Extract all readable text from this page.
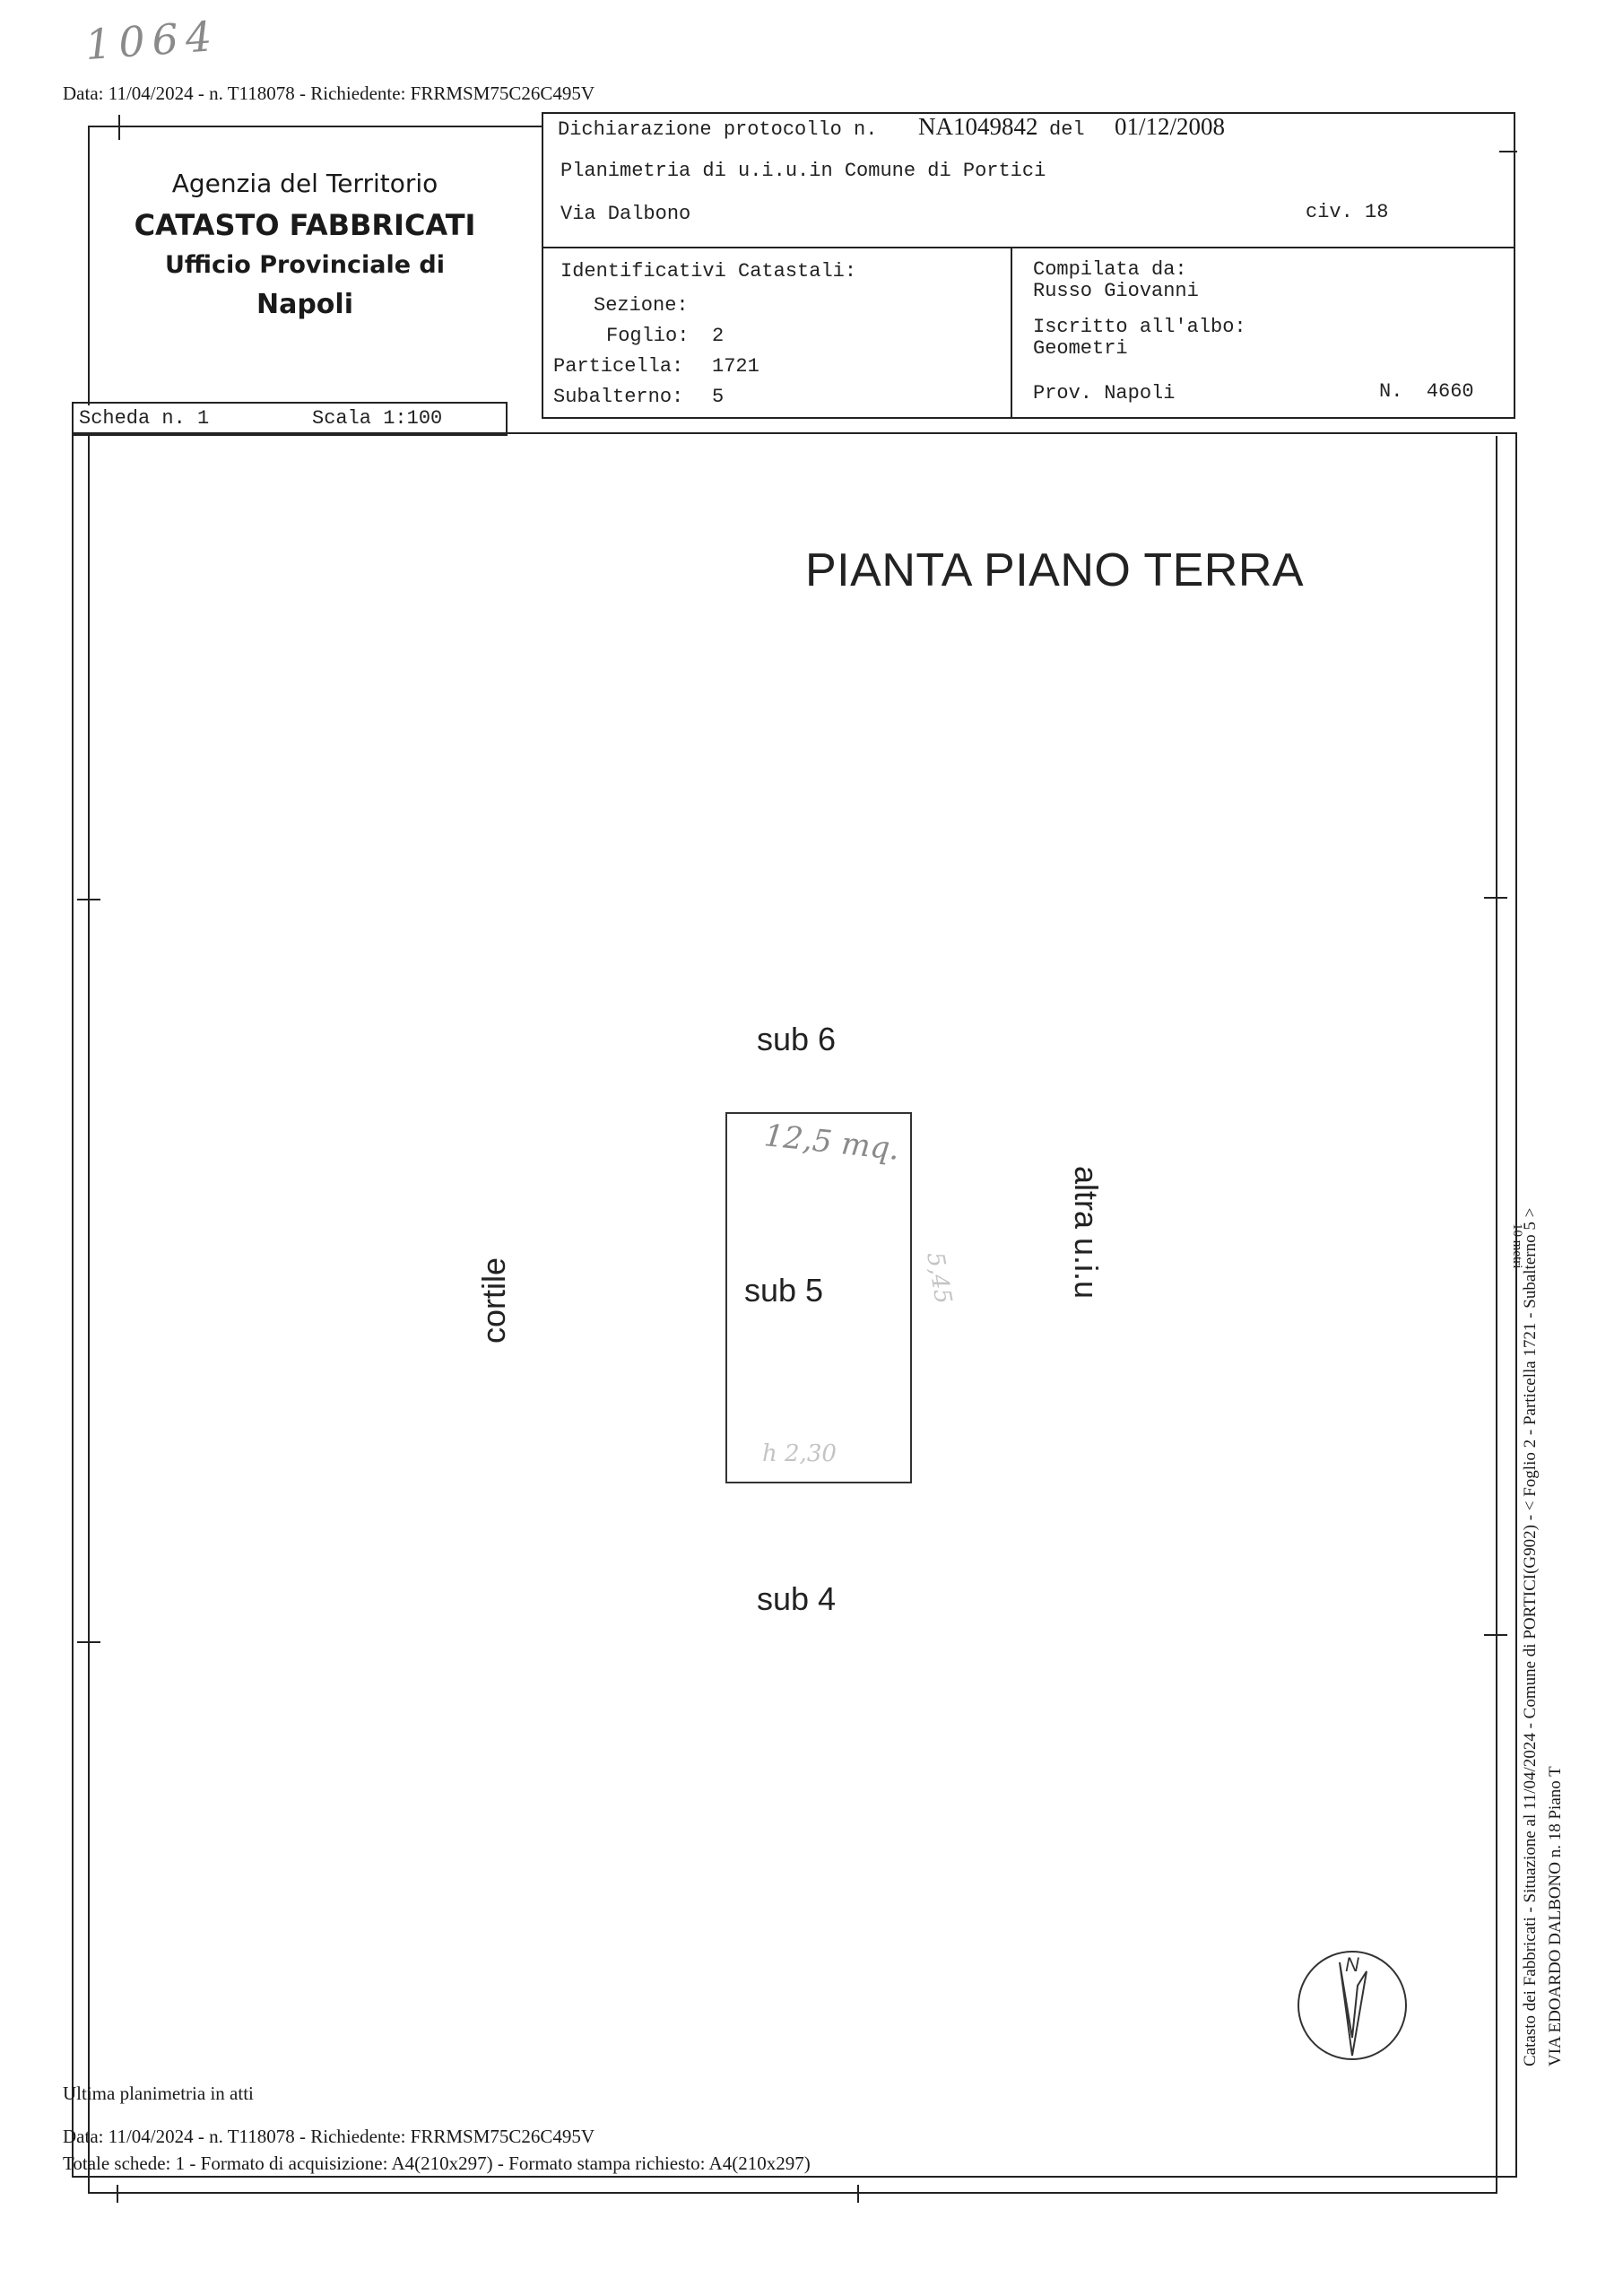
1064
Data: 11/04/2024 - n. T118078 - Richiedente: FRRMSM75C26C495V
Agenzia del Territorio
CATASTO FABBRICATI
Ufficio Provinciale di
Napoli
Dichiarazione protocollo n. NA1049842 del 01/12/2008
Planimetria di u.i.u.in Comune di Portici
Via Dalbono	civ. 18
Identificativi Catastali:
Sezione:
Foglio: 2
Particella: 1721
Subalterno: 5
Compilata da:
Russo Giovanni
Iscritto all'albo:
Geometri
Prov. Napoli	N.  4660
Scheda n. 1	Scala 1:100
PIANTA PIANO TERRA
sub 6
sub 4
sub 5
12,5 mq.
h 2,30
5,45
cortile
altra u.i.u
N
10 metri
Catasto dei Fabbricati - Situazione al 11/04/2024 - Comune di PORTICI(G902) - < Foglio 2 - Particella 1721 - Subalterno 5 > VIA EDOARDO DALBONO n. 18 Piano T
Ultima planimetria in atti
Data: 11/04/2024 - n. T118078 - Richiedente: FRRMSM75C26C495V
Totale schede: 1 - Formato di acquisizione: A4(210x297) - Formato stampa richiesto: A4(210x297)
